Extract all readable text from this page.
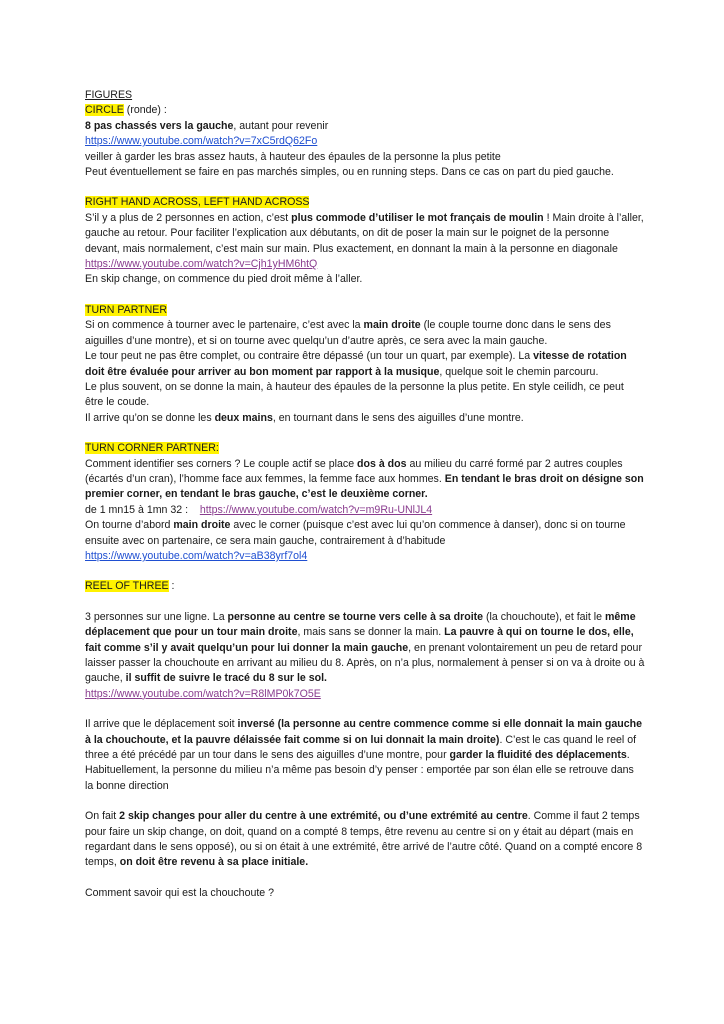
FIGURES

CIRCLE (ronde) :

8 pas chassés vers la gauche, autant pour revenir

https://www.youtube.com/watch?v=7xC5rdQ62Fo

veiller à garder les bras assez hauts, à hauteur des épaules de la personne la plus petite

Peut éventuellement se faire en pas marchés simples, ou en running steps. Dans ce cas on part du pied gauche.

RIGHT HAND ACROSS, LEFT HAND ACROSS

S’il y a plus de 2 personnes en action, c’est plus commode d’utiliser le mot français de moulin ! Main droite à l’aller, gauche au retour. Pour faciliter l’explication aux débutants, on dit de poser la main sur le poignet de la personne devant, mais normalement, c’est main sur main. Plus exactement, en donnant la main à la personne en diagonale

https://www.youtube.com/watch?v=Cjh1yHM6htQ

En skip change, on commence du pied droit même à l’aller.

TURN PARTNER

Si on commence à tourner avec le partenaire, c’est avec la main droite (le couple tourne donc dans le sens des aiguilles d’une montre), et si on tourne avec quelqu’un d’autre après, ce sera avec la main gauche.

Le tour peut ne pas être complet, ou contraire être dépassé (un tour un quart, par exemple). La vitesse de rotation doit être évaluée pour arriver au bon moment par rapport à la musique, quelque soit le chemin parcouru.

Le plus souvent, on se donne la main, à hauteur des épaules de la personne la plus petite. En style ceilidh, ce peut être le coude.

Il arrive qu’on se donne les deux mains, en tournant dans le sens des aiguilles d’une montre.

TURN CORNER PARTNER:

Comment identifier ses corners ? Le couple actif se place dos à dos au milieu du carré formé par 2 autres couples (écartés d’un cran), l’homme face aux femmes, la femme face aux hommes. En tendant le bras droit on désigne son premier corner, en tendant le bras gauche, c’est le deuxième corner.

de 1 mn15 à 1mn 32 : https://www.youtube.com/watch?v=m9Ru-UNlJL4

On tourne d’abord main droite avec le corner (puisque c’est avec lui qu’on commence à danser), donc si on tourne ensuite avec on partenaire, ce sera main gauche, contrairement à d’habitude

https://www.youtube.com/watch?v=aB38yrf7ol4

REEL OF THREE :

3 personnes sur une ligne. La personne au centre se tourne vers celle à sa droite (la chouchoute), et fait le même déplacement que pour un tour main droite, mais sans se donner la main. La pauvre à qui on tourne le dos, elle, fait comme s’il y avait quelqu’un pour lui donner la main gauche, en prenant volontairement un peu de retard pour laisser passer la chouchoute en arrivant au milieu du 8. Après, on n’a plus, normalement à penser si on va à droite ou à gauche, il suffit de suivre le tracé du 8 sur le sol.

https://www.youtube.com/watch?v=R8lMP0k7O5E

Il arrive que le déplacement soit inversé (la personne au centre commence comme si elle donnait la main gauche à la chouchoute, et la pauvre délaissée fait comme si on lui donnait la main droite). C’est le cas quand le reel of three a été précédé par un tour dans le sens des aiguilles d’une montre, pour garder la fluidité des déplacements. Habituellement, la personne du milieu n’a même pas besoin d’y penser : emportée par son élan elle se retrouve dans la bonne direction

On fait 2 skip changes pour aller du centre à une extrémité, ou d’une extrémité au centre. Comme il faut 2 temps pour faire un skip change, on doit, quand on a compté 8 temps, être revenu au centre si on y était au départ (mais en regardant dans le sens opposé), ou si on était à une extrémité, être arrivé de l’autre côté. Quand on a compté encore 8 temps, on doit être revenu à sa place initiale.

Comment savoir qui est la chouchoute ?
